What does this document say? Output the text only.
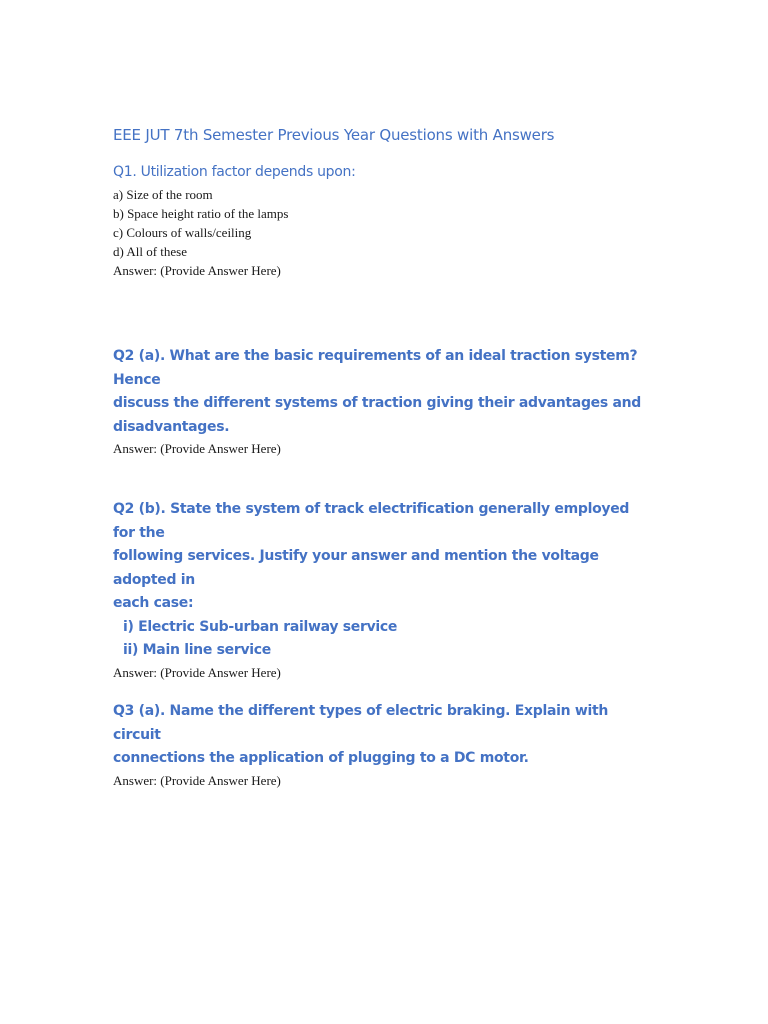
EEE JUT 7th Semester Previous Year Questions with Answers

Q1. Utilization factor depends upon:

a) Size of the room

b) Space height ratio of the lamps

c) Colours of walls/ceiling

d) All of these

Answer: (Provide Answer Here)

Q2 (a). What are the basic requirements of an ideal traction system? Hence

discuss the different systems of traction giving their advantages and

disadvantages.

Answer: (Provide Answer Here)

Q2 (b). State the system of track electrification generally employed for the

following services. Justify your answer and mention the voltage adopted in

each case:

i) Electric Sub-urban railway service
ii) Main line service

Answer: (Provide Answer Here)

Q3 (a). Name the different types of electric braking. Explain with circuit

connections the application of plugging to a DC motor.

Answer: (Provide Answer Here)
